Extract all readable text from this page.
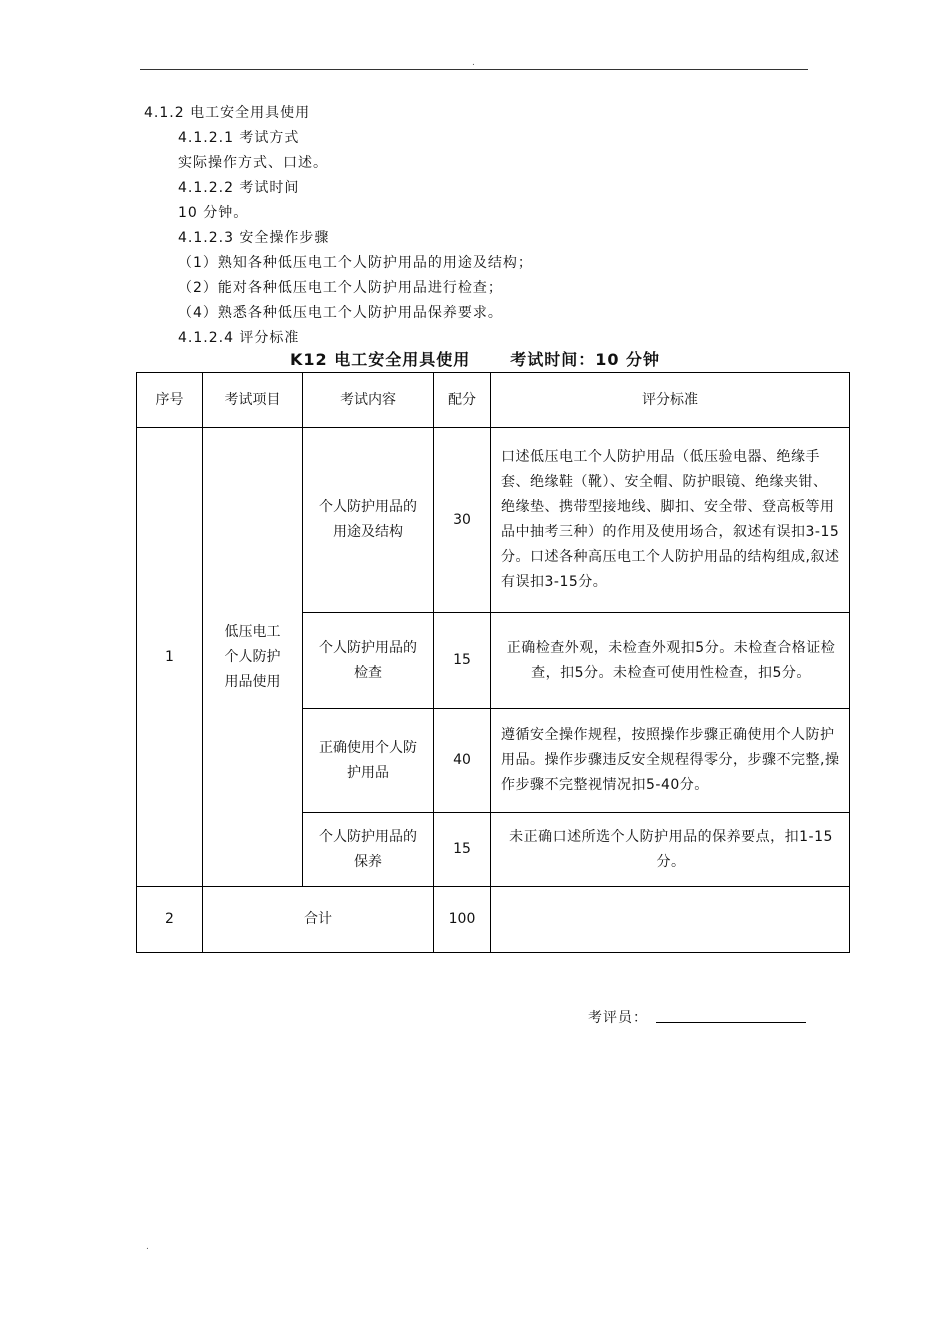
.
4.1.2 电工安全用具使用
4.1.2.1 考试方式
实际操作方式、口述。
4.1.2.2 考试时间
10 分钟。
4.1.2.3 安全操作步骤
（1）熟知各种低压电工个人防护用品的用途及结构；
（2）能对各种低压电工个人防护用品进行检查；
（4）熟悉各种低压电工个人防护用品保养要求。
4.1.2.4 评分标准
K12 电工安全用具使用	考试时间：10 分钟
序号	考试项目	考试内容	配分	评分标准
1	低压电工个人防护用品使用	个人防护用品的用途及结构	30	口述低压电工个人防护用品（低压验电器、绝缘手套、绝缘鞋（靴）、安全帽、防护眼镜、绝缘夹钳、绝缘垫、携带型接地线、脚扣、安全带、登高板等用品中抽考三种）的作用及使用场合，叙述有误扣3-15分。口述各种高压电工个人防护用品的结构组成,叙述有误扣3-15分。
		个人防护用品的检查	15	正确检查外观，未检查外观扣5分。未检查合格证检查，扣5分。未检查可使用性检查，扣5分。
		正确使用个人防护用品	40	遵循安全操作规程，按照操作步骤正确使用个人防护用品。操作步骤违反安全规程得零分，步骤不完整,操作步骤不完整视情况扣5-40分。
		个人防护用品的保养	15	未正确口述所选个人防护用品的保养要点，扣1-15分。
2	合计		100	
考评员：
.
